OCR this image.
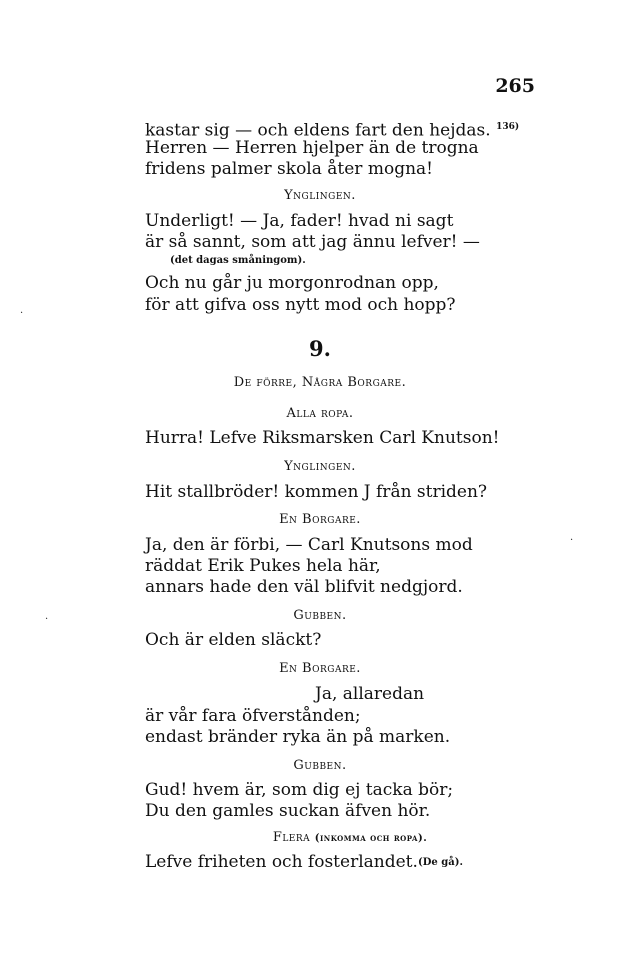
265
kastar sig — och eldens fart den hejdas. $^{136)}$
Herren — Herren hjelper än de trogna
fridens palmer skola åter mogna!
Ynglingen.
Underligt! — Ja, fader! hvad ni sagt
är så sannt, som att jag ännu lefver! —
(det dagas småningom).
Och nu går ju morgonrodnan opp,
för att gifva oss nytt mod och hopp?
9.
De förre, Några Borgare.
Alla ropa.
Hurra! Lefve Riksmarsken Carl Knutson!
Ynglingen.
Hit stallbröder! kommen J från striden?
En Borgare.
Ja, den är förbi, — Carl Knutsons mod
räddat Erik Pukes hela här,
annars hade den väl blifvit nedgjord.
Gubben.
Och är elden släckt?
En Borgare.
Ja, allaredan
är vår fara öfverstånden;
endast bränder ryka än på marken.
Gubben.
Gud! hvem är, som dig ej tacka bör;
Du den gamles suckan äfven hör.
Flera (inkomma och ropa).
Lefve friheten och fosterlandet. (De gå).
·
·
·
